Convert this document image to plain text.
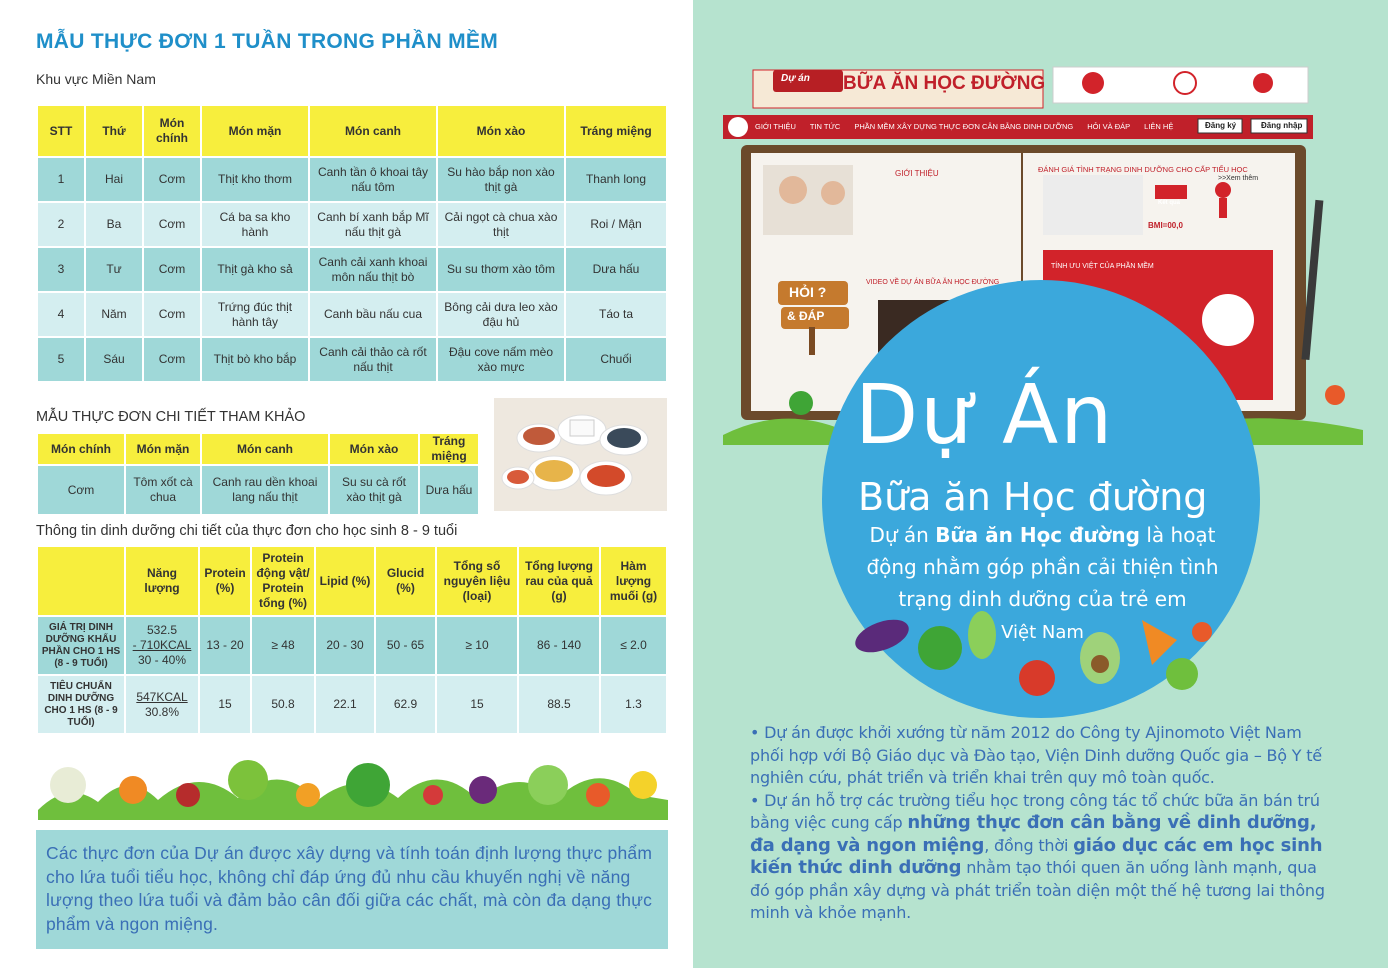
MẪU THỰC ĐƠN 1 TUẦN TRONG PHẦN MỀM
Khu vực Miền Nam
STT	Thứ	Món chính	Món mặn	Món canh	Món xào	Tráng miệng
1	Hai	Cơm	Thịt kho thơm	Canh tần ô khoai tây nấu tôm	Su hào bắp non xào thịt gà	Thanh long
2	Ba	Cơm	Cá ba sa kho hành	Canh bí xanh bắp Mĩ nấu thịt gà	Cải ngọt cà chua xào thịt	Roi / Mận
3	Tư	Cơm	Thịt gà kho sả	Canh cải xanh khoai môn nấu thịt bò	Su su thơm xào tôm	Dưa hấu
4	Năm	Cơm	Trứng đúc thịt hành tây	Canh bầu nấu cua	Bông cải dưa leo xào đậu hủ	Táo ta
5	Sáu	Cơm	Thịt bò kho bắp	Canh cải thảo cà rốt nấu thịt	Đậu cove nấm mèo xào mực	Chuối
MẪU THỰC ĐƠN CHI TIẾT THAM KHẢO
Món chính	Món mặn	Món canh	Món xào	Tráng miệng
Cơm	Tôm xốt cà chua	Canh rau dền khoai lang nấu thịt	Su su cà rốt xào thịt gà	Dưa hấu
Thông tin dinh dưỡng chi tiết của thực đơn cho học sinh 8 - 9 tuổi
	Năng lượng	Protein (%)	Protein động vật/ Protein tổng (%)	Lipid (%)	Glucid (%)	Tổng số nguyên liệu (loại)	Tổng lượng rau của quả (g)	Hàm lượng muối (g)
GIÁ TRỊ DINH DƯỠNG KHẨU PHẦN CHO 1 HS (8 - 9 TUỔI)	532.5
- 710KCAL
30 - 40%	13 - 20	≥ 48	20 - 30	50 - 65	≥ 10	86 - 140	≤ 2.0
TIÊU CHUẨN DINH DƯỠNG CHO 1 HS (8 - 9 TUỔI)	547KCAL
30.8%	15	50.8	22.1	62.9	15	88.5	1.3
Các thực đơn của Dự án được xây dựng và tính toán định lượng thực phẩm cho lứa tuổi tiểu học, không chỉ đáp ứng đủ nhu cầu khuyến nghị về năng lượng theo lứa tuổi và đảm bảo cân đối giữa các chất, mà còn đa dạng thực phẩm và ngon miệng.
Dự án BỮA ĂN HỌC ĐƯỜNG
GIỚI THIỆU TIN TỨC PHẦN MỀM XÂY DỰNG THỰC ĐƠN CÂN BẰNG DINH DƯỠNG HỎI VÀ ĐÁP LIÊN HỆ	Đăng ký	Đăng nhập
GIỚI THIỆU	ĐÁNH GIÁ TÌNH TRẠNG DINH DƯỠNG CHO CẤP TIỂU HỌC
>>Xem thêm
Kết quả
BMI=00,0
TÍNH ƯU VIỆT CỦA PHẦN MỀM
VIDEO VỀ DỰ ÁN BỮA ĂN HỌC ĐƯỜNG
HỎI ?
& ĐÁP
Dự Án
Bữa ăn Học đường
Dự án Bữa ăn Học đường là hoạt động nhằm góp phần cải thiện tình trạng dinh dưỡng của trẻ em
Việt Nam
• Dự án được khởi xướng từ năm 2012 do Công ty Ajinomoto Việt Nam phối hợp với Bộ Giáo dục và Đào tạo, Viện Dinh dưỡng Quốc gia – Bộ Y tế nghiên cứu, phát triển và triển khai trên quy mô toàn quốc.
• Dự án hỗ trợ các trường tiểu học trong công tác tổ chức bữa ăn bán trú bằng việc cung cấp những thực đơn cân bằng về dinh dưỡng, đa dạng và ngon miệng, đồng thời giáo dục các em học sinh kiến thức dinh dưỡng nhằm tạo thói quen ăn uống lành mạnh, qua đó góp phần xây dựng và phát triển toàn diện một thế hệ tương lai thông minh và khỏe mạnh.
